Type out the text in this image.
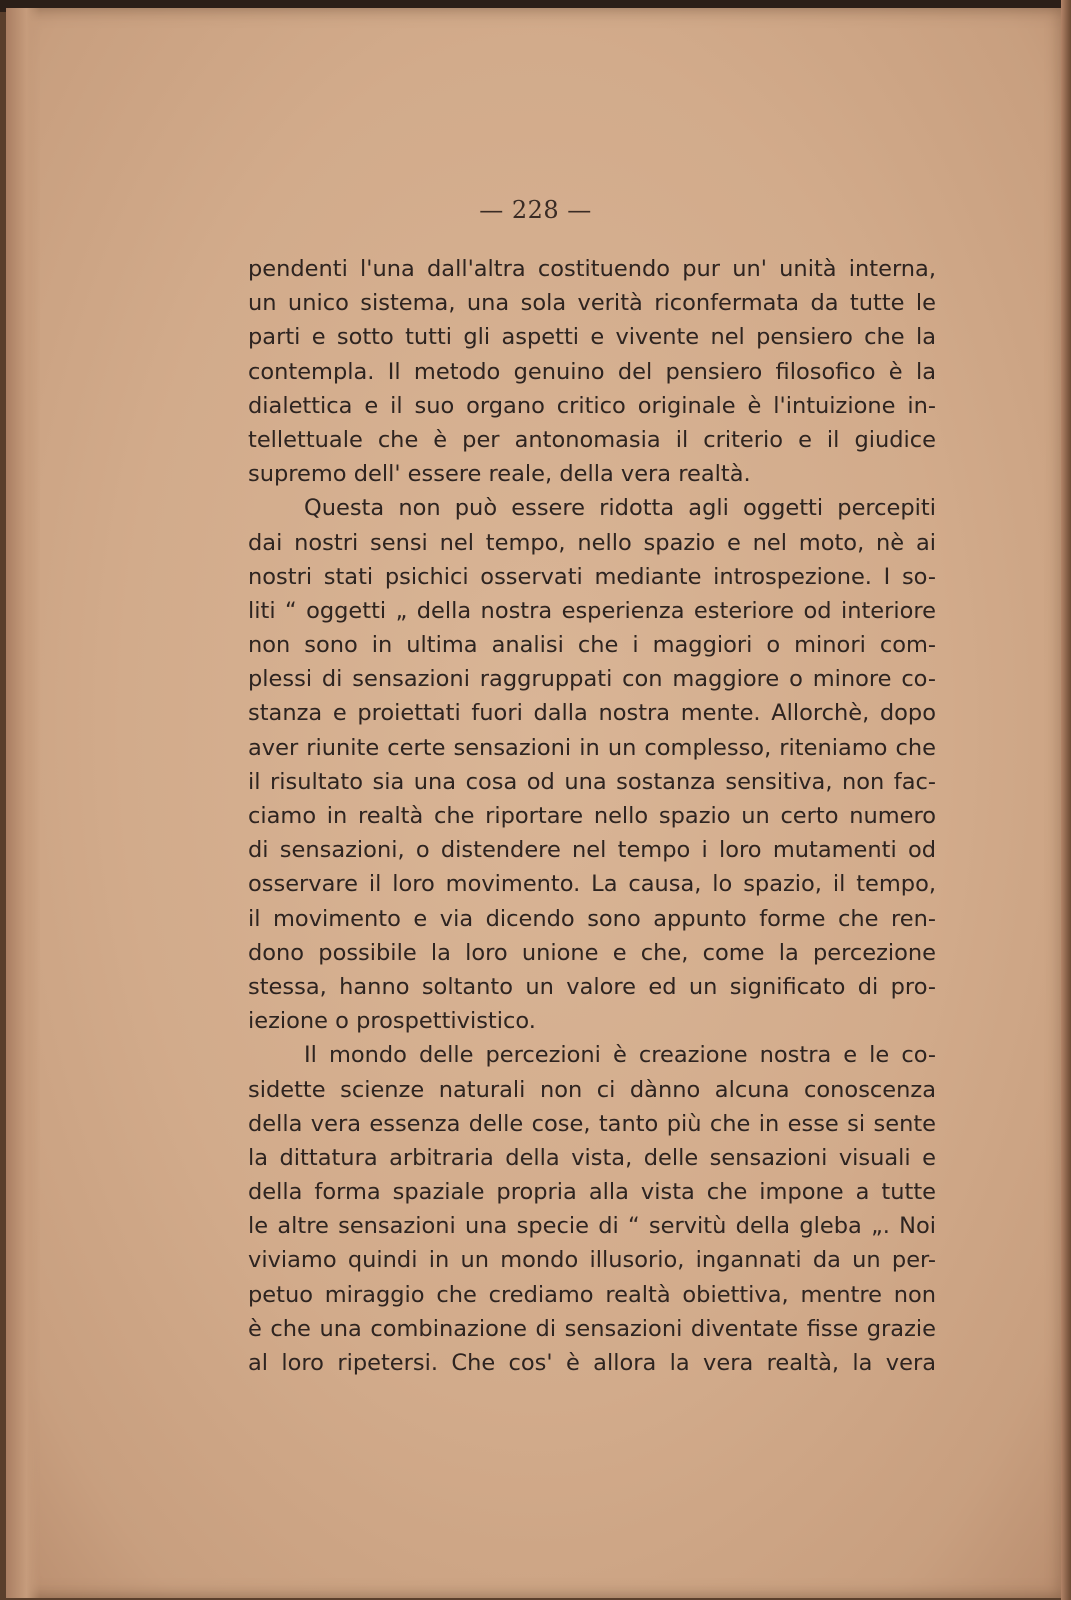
— 228 —
pendenti l'una dall'altra costituendo pur un' unità interna,
un unico sistema, una sola verità riconfermata da tutte le
parti e sotto tutti gli aspetti e vivente nel pensiero che la
contempla. Il metodo genuino del pensiero filosofico è la
dialettica e il suo organo critico originale è l'intuizione in-
tellettuale che è per antonomasia il criterio e il giudice
supremo dell' essere reale, della vera realtà.
Questa non può essere ridotta agli oggetti percepiti
dai nostri sensi nel tempo, nello spazio e nel moto, nè ai
nostri stati psichici osservati mediante introspezione. I so-
liti “ oggetti „ della nostra esperienza esteriore od interiore
non sono in ultima analisi che i maggiori o minori com-
plessi di sensazioni raggruppati con maggiore o minore co-
stanza e proiettati fuori dalla nostra mente. Allorchè, dopo
aver riunite certe sensazioni in un complesso, riteniamo che
il risultato sia una cosa od una sostanza sensitiva, non fac-
ciamo in realtà che riportare nello spazio un certo numero
di sensazioni, o distendere nel tempo i loro mutamenti od
osservare il loro movimento. La causa, lo spazio, il tempo,
il movimento e via dicendo sono appunto forme che ren-
dono possibile la loro unione e che, come la percezione
stessa, hanno soltanto un valore ed un significato di pro-
iezione o prospettivistico.
Il mondo delle percezioni è creazione nostra e le co-
sidette scienze naturali non ci dànno alcuna conoscenza
della vera essenza delle cose, tanto più che in esse si sente
la dittatura arbitraria della vista, delle sensazioni visuali e
della forma spaziale propria alla vista che impone a tutte
le altre sensazioni una specie di “ servitù della gleba „. Noi
viviamo quindi in un mondo illusorio, ingannati da un per-
petuo miraggio che crediamo realtà obiettiva, mentre non
è che una combinazione di sensazioni diventate fisse grazie
al loro ripetersi. Che cos' è allora la vera realtà, la vera
